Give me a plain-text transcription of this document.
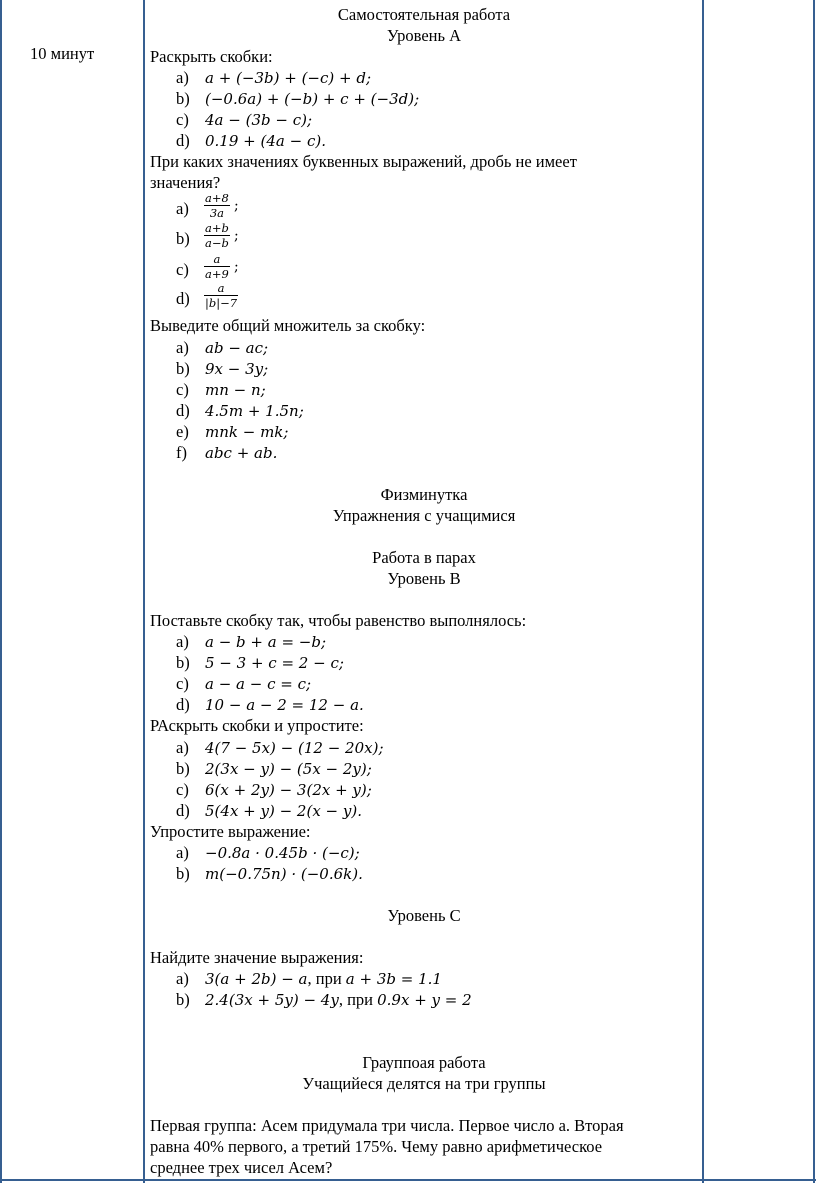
10 минут
Самостоятельная работа
Уровень А
Раскрыть скобки:
a) a + (−3b) + (−c) + d;
b) (−0.6a) + (−b) + c + (−3d);
c) 4a − (3b − c);
d) 0.19 + (4a − c).
При каких значениях буквенных выражений, дробь не имеет
значения?
a)
a+8
3a ;
b)
a+b
a−b ;
c)
a
a+9 ;
d)
a
|b|−7
Выведите общий множитель за скобку:
a) ab − ac;
b) 9x − 3y;
c) mn − n;
d) 4.5m + 1.5n;
e) mnk − mk;
f) abc + ab.
Физминутка
Упражнения с учащимися
Работа в парах
Уровень В
Поставьте скобку так, чтобы равенство выполнялось:
a) a − b + a = −b;
b) 5 − 3 + c = 2 − c;
c) a − a − c = c;
d) 10 − a − 2 = 12 − a.
РАскрыть скобки и упростите:
a) 4(7 − 5x) − (12 − 20x);
b) 2(3x − y) − (5x − 2y);
c) 6(x + 2y) − 3(2x + y);
d) 5(4x + y) − 2(x − y).
Упростите выражение:
a) −0.8a · 0.45b · (−c);
b) m(−0.75n) · (−0.6k).
Уровень С
Найдите значение выражения:
a) 3(a + 2b) − a, при a + 3b = 1.1
b) 2.4(3x + 5y) − 4y, при 0.9x + y = 2
Грауппоая работа
Учащийеся делятся на три группы
Первая группа: Асем придумала три числа. Первое число а. Вторая
равна 40% первого, а третий 175%. Чему равно арифметическое
среднее трех чисел Асем?
